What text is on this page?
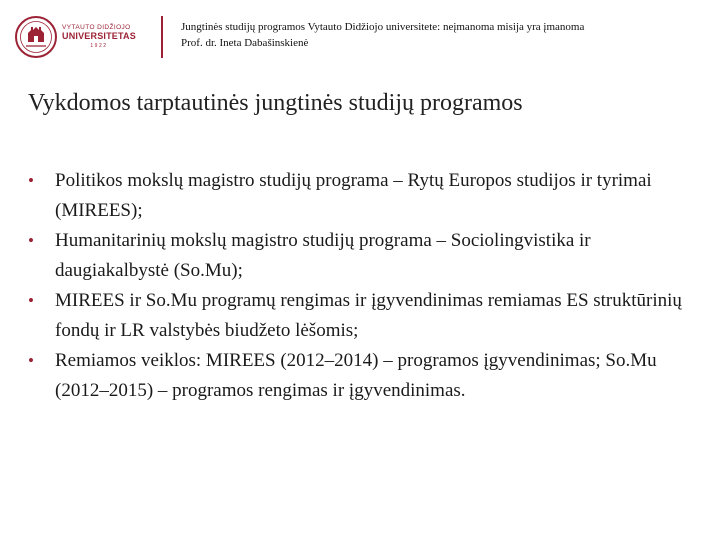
VYTAUTO DIDŽIOJO
UNIVERSITETAS
1922
Jungtinės studijų programos Vytauto Didžiojo universitete: neįmanoma misija yra įmanoma
Prof. dr. Ineta Dabašinskienė
Vykdomos tarptautinės jungtinės studijų programos
• Politikos mokslų magistro studijų programa – Rytų Europos studijos ir tyrimai (MIREES);
• Humanitarinių mokslų magistro studijų programa – Sociolingvistika ir daugiakalbystė (So.Mu);
• MIREES ir So.Mu programų rengimas ir įgyvendinimas remiamas ES struktūrinių fondų ir LR valstybės biudžeto lėšomis;
• Remiamos veiklos: MIREES (2012–2014) – programos įgyvendinimas; So.Mu (2012–2015) – programos rengimas ir įgyvendinimas.
